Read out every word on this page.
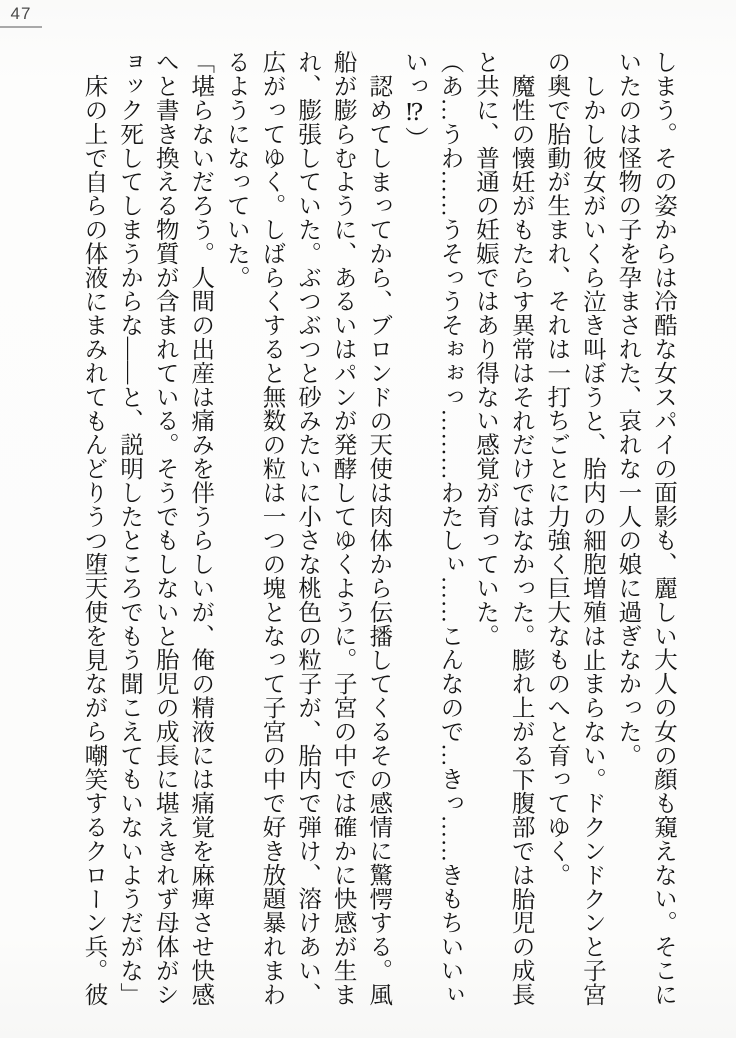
47
しまう。その姿からは冷酷な女スパイの面影も、麗しい大人の女の顔も窺えない。そこに
いたのは怪物の子を孕まされた、哀れな一人の娘に過ぎなかった。
しかし彼女がいくら泣き叫ぼうと、胎内の細胞増殖は止まらない。ドクンドクンと子宮
の奥で胎動が生まれ、それは一打ちごとに力強く巨大なものへと育ってゆく。
魔性の懐妊がもたらす異常はそれだけではなかった。膨れ上がる下腹部では胎児の成長
と共に、普通の妊娠ではあり得ない感覚が育っていた。
（あ…うわ……うそっうそぉぉっ………わたしぃ……こんなので…きっ……きもちいいぃ
いっ⁉）
認めてしまってから、ブロンドの天使は肉体から伝播してくるその感情に驚愕する。風
船が膨らむように、あるいはパンが発酵してゆくように。子宮の中では確かに快感が生ま
れ、膨張していた。ぶつぶつと砂みたいに小さな桃色の粒子が、胎内で弾け、溶けあい、
広がってゆく。しばらくすると無数の粒は一つの塊となって子宮の中で好き放題暴れまわ
るようになっていた。
「堪らないだろう。人間の出産は痛みを伴うらしいが、俺の精液には痛覚を麻痺させ快感
へと書き換える物質が含まれている。そうでもしないと胎児の成長に堪えきれず母体がシ
ョック死してしまうからな——と、説明したところでもう聞こえてもいないようだがな」
床の上で自らの体液にまみれてもんどりうつ堕天使を見ながら嘲笑するクローン兵。彼
